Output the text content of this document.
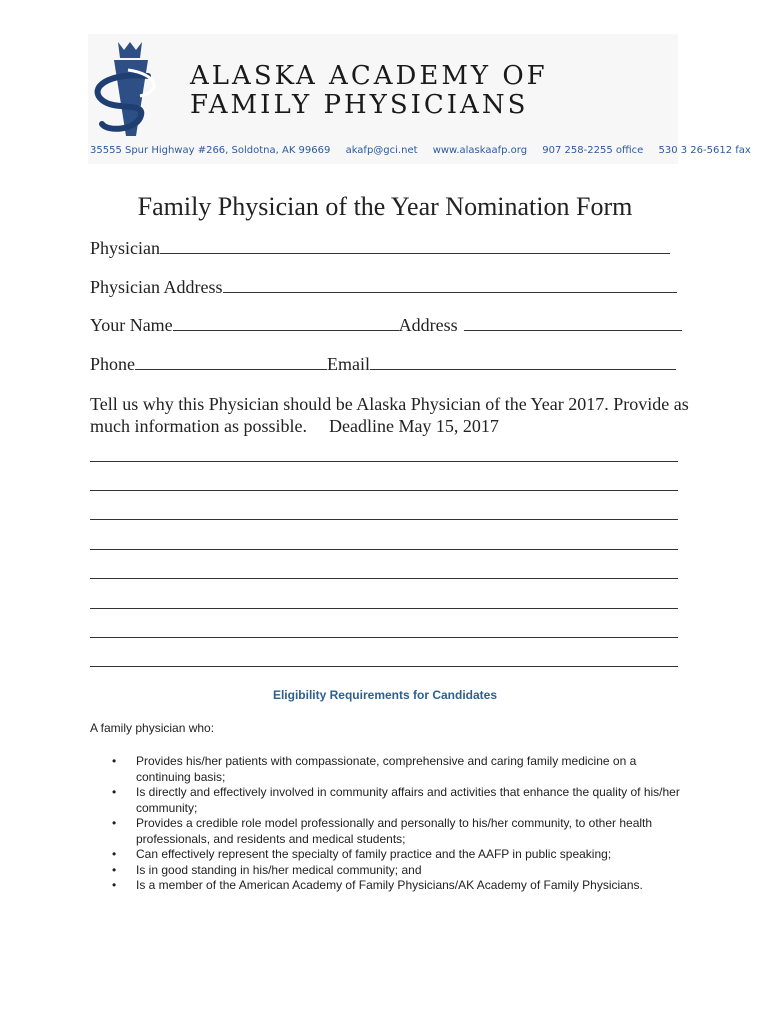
ALASKA ACADEMY OF
FAMILY PHYSICIANS
35555 Spur Highway #266, Soldotna, AK 99669 akafp@gci.net www.alaskaafp.org 907 258-2255 office 530 3 26-5612 fax
Family Physician of the Year Nomination Form
Physician
Physician Address
Your Name	Address
Phone	Email
Tell us why this Physician should be Alaska Physician of the Year 2017. Provide as much information as possible. Deadline May 15, 2017
Eligibility Requirements for Candidates
A family physician who:
• Provides his/her patients with compassionate, comprehensive and caring family medicine on a continuing basis;
• Is directly and effectively involved in community affairs and activities that enhance the quality of his/her community;
• Provides a credible role model professionally and personally to his/her community, to other health professionals, and residents and medical students;
• Can effectively represent the specialty of family practice and the AAFP in public speaking;
• Is in good standing in his/her medical community; and
• Is a member of the American Academy of Family Physicians/AK Academy of Family Physicians.
